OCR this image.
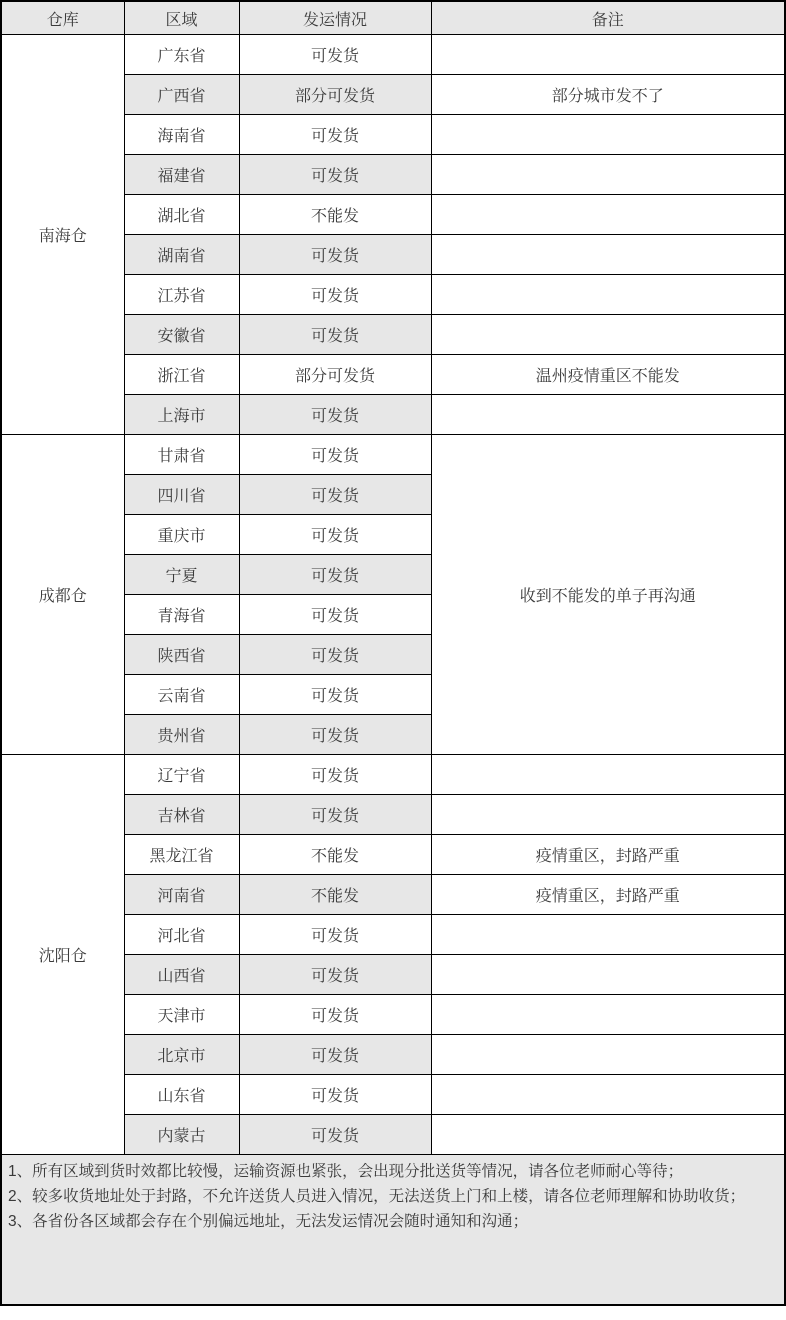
仓库	区域	发运情况	备注
南海仓	广东省	可发货	
	广西省	部分可发货	部分城市发不了
	海南省	可发货	
	福建省	可发货	
	湖北省	不能发	
	湖南省	可发货	
	江苏省	可发货	
	安徽省	可发货	
	浙江省	部分可发货	温州疫情重区不能发
	上海市	可发货	
成都仓	甘肃省	可发货	收到不能发的单子再沟通
	四川省	可发货	
	重庆市	可发货	
	宁夏	可发货	
	青海省	可发货	
	陕西省	可发货	
	云南省	可发货	
	贵州省	可发货	
沈阳仓	辽宁省	可发货	
	吉林省	可发货	
	黑龙江省	不能发	疫情重区，封路严重
	河南省	不能发	疫情重区，封路严重
	河北省	可发货	
	山西省	可发货	
	天津市	可发货	
	北京市	可发货	
	山东省	可发货	
	内蒙古	可发货	

1、所有区域到货时效都比较慢，运输资源也紧张，会出现分批送货等情况，请各位老师耐心等待；
2、较多收货地址处于封路，不允许送货人员进入情况，无法送货上门和上楼，请各位老师理解和协助收货；
3、各省份各区域都会存在个别偏远地址，无法发运情况会随时通知和沟通；			
